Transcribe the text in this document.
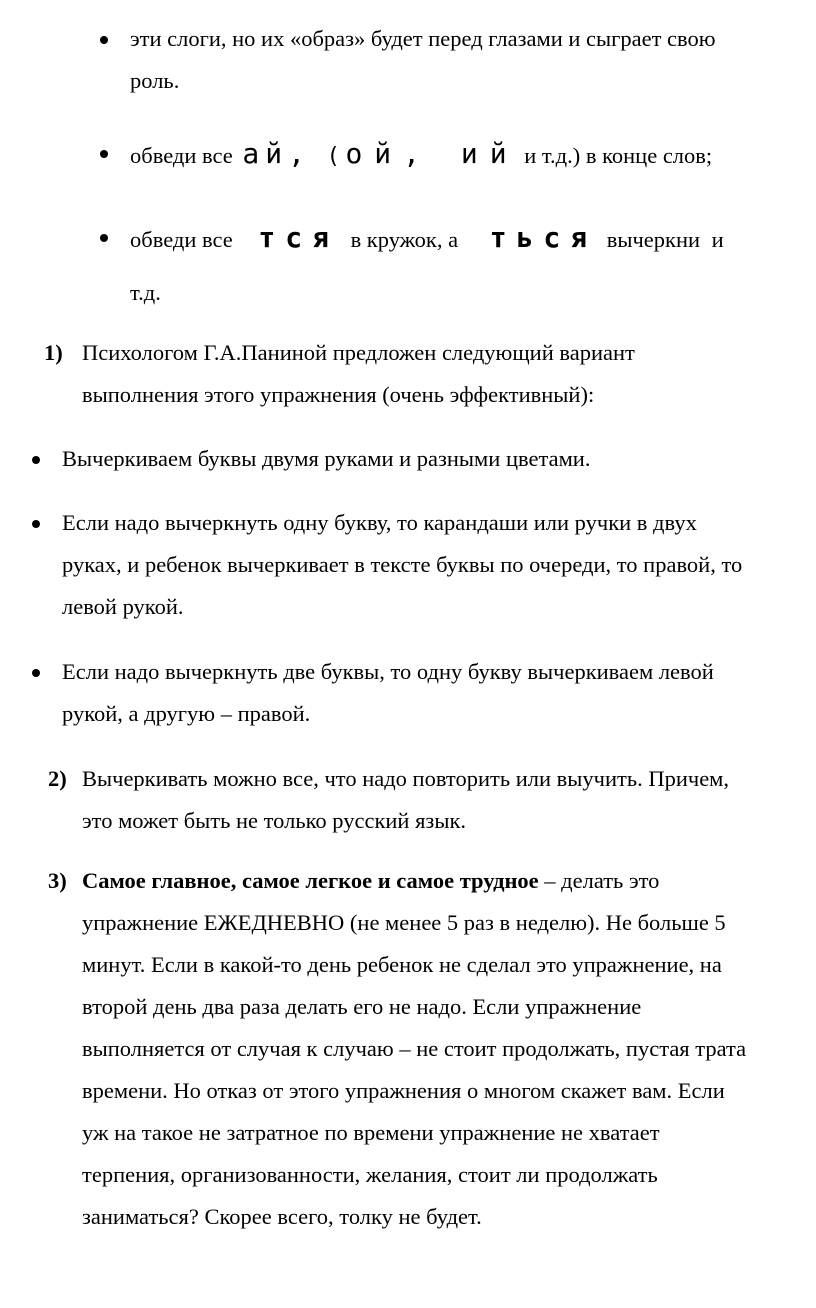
эти слоги, но их «образ» будет перед глазами и сыграет свою
роль.
обведи все ай, ( ой, ий и т.д.) в конце слов;
обведи все тся в кружок, а ться вычеркни и
т.д.
1) Психологом Г.А.Паниной предложен следующий вариант
выполнения этого упражнения (очень эффективный):
Вычеркиваем буквы двумя руками и разными цветами.
Если надо вычеркнуть одну букву, то карандаши или ручки в двух
руках, и ребенок вычеркивает в тексте буквы по очереди, то правой, то
левой рукой.
Если надо вычеркнуть две буквы, то одну букву вычеркиваем левой
рукой, а другую – правой.
2) Вычеркивать можно все, что надо повторить или выучить. Причем,
это может быть не только русский язык.
3) Самое главное, самое легкое и самое трудное – делать это
упражнение ЕЖЕДНЕВНО (не менее 5 раз в неделю). Не больше 5
минут. Если в какой-то день ребенок не сделал это упражнение, на
второй день два раза делать его не надо. Если упражнение
выполняется от случая к случаю – не стоит продолжать, пустая трата
времени. Но отказ от этого упражнения о многом скажет вам. Если
уж на такое не затратное по времени упражнение не хватает
терпения, организованности, желания, стоит ли продолжать
заниматься? Скорее всего, толку не будет.
